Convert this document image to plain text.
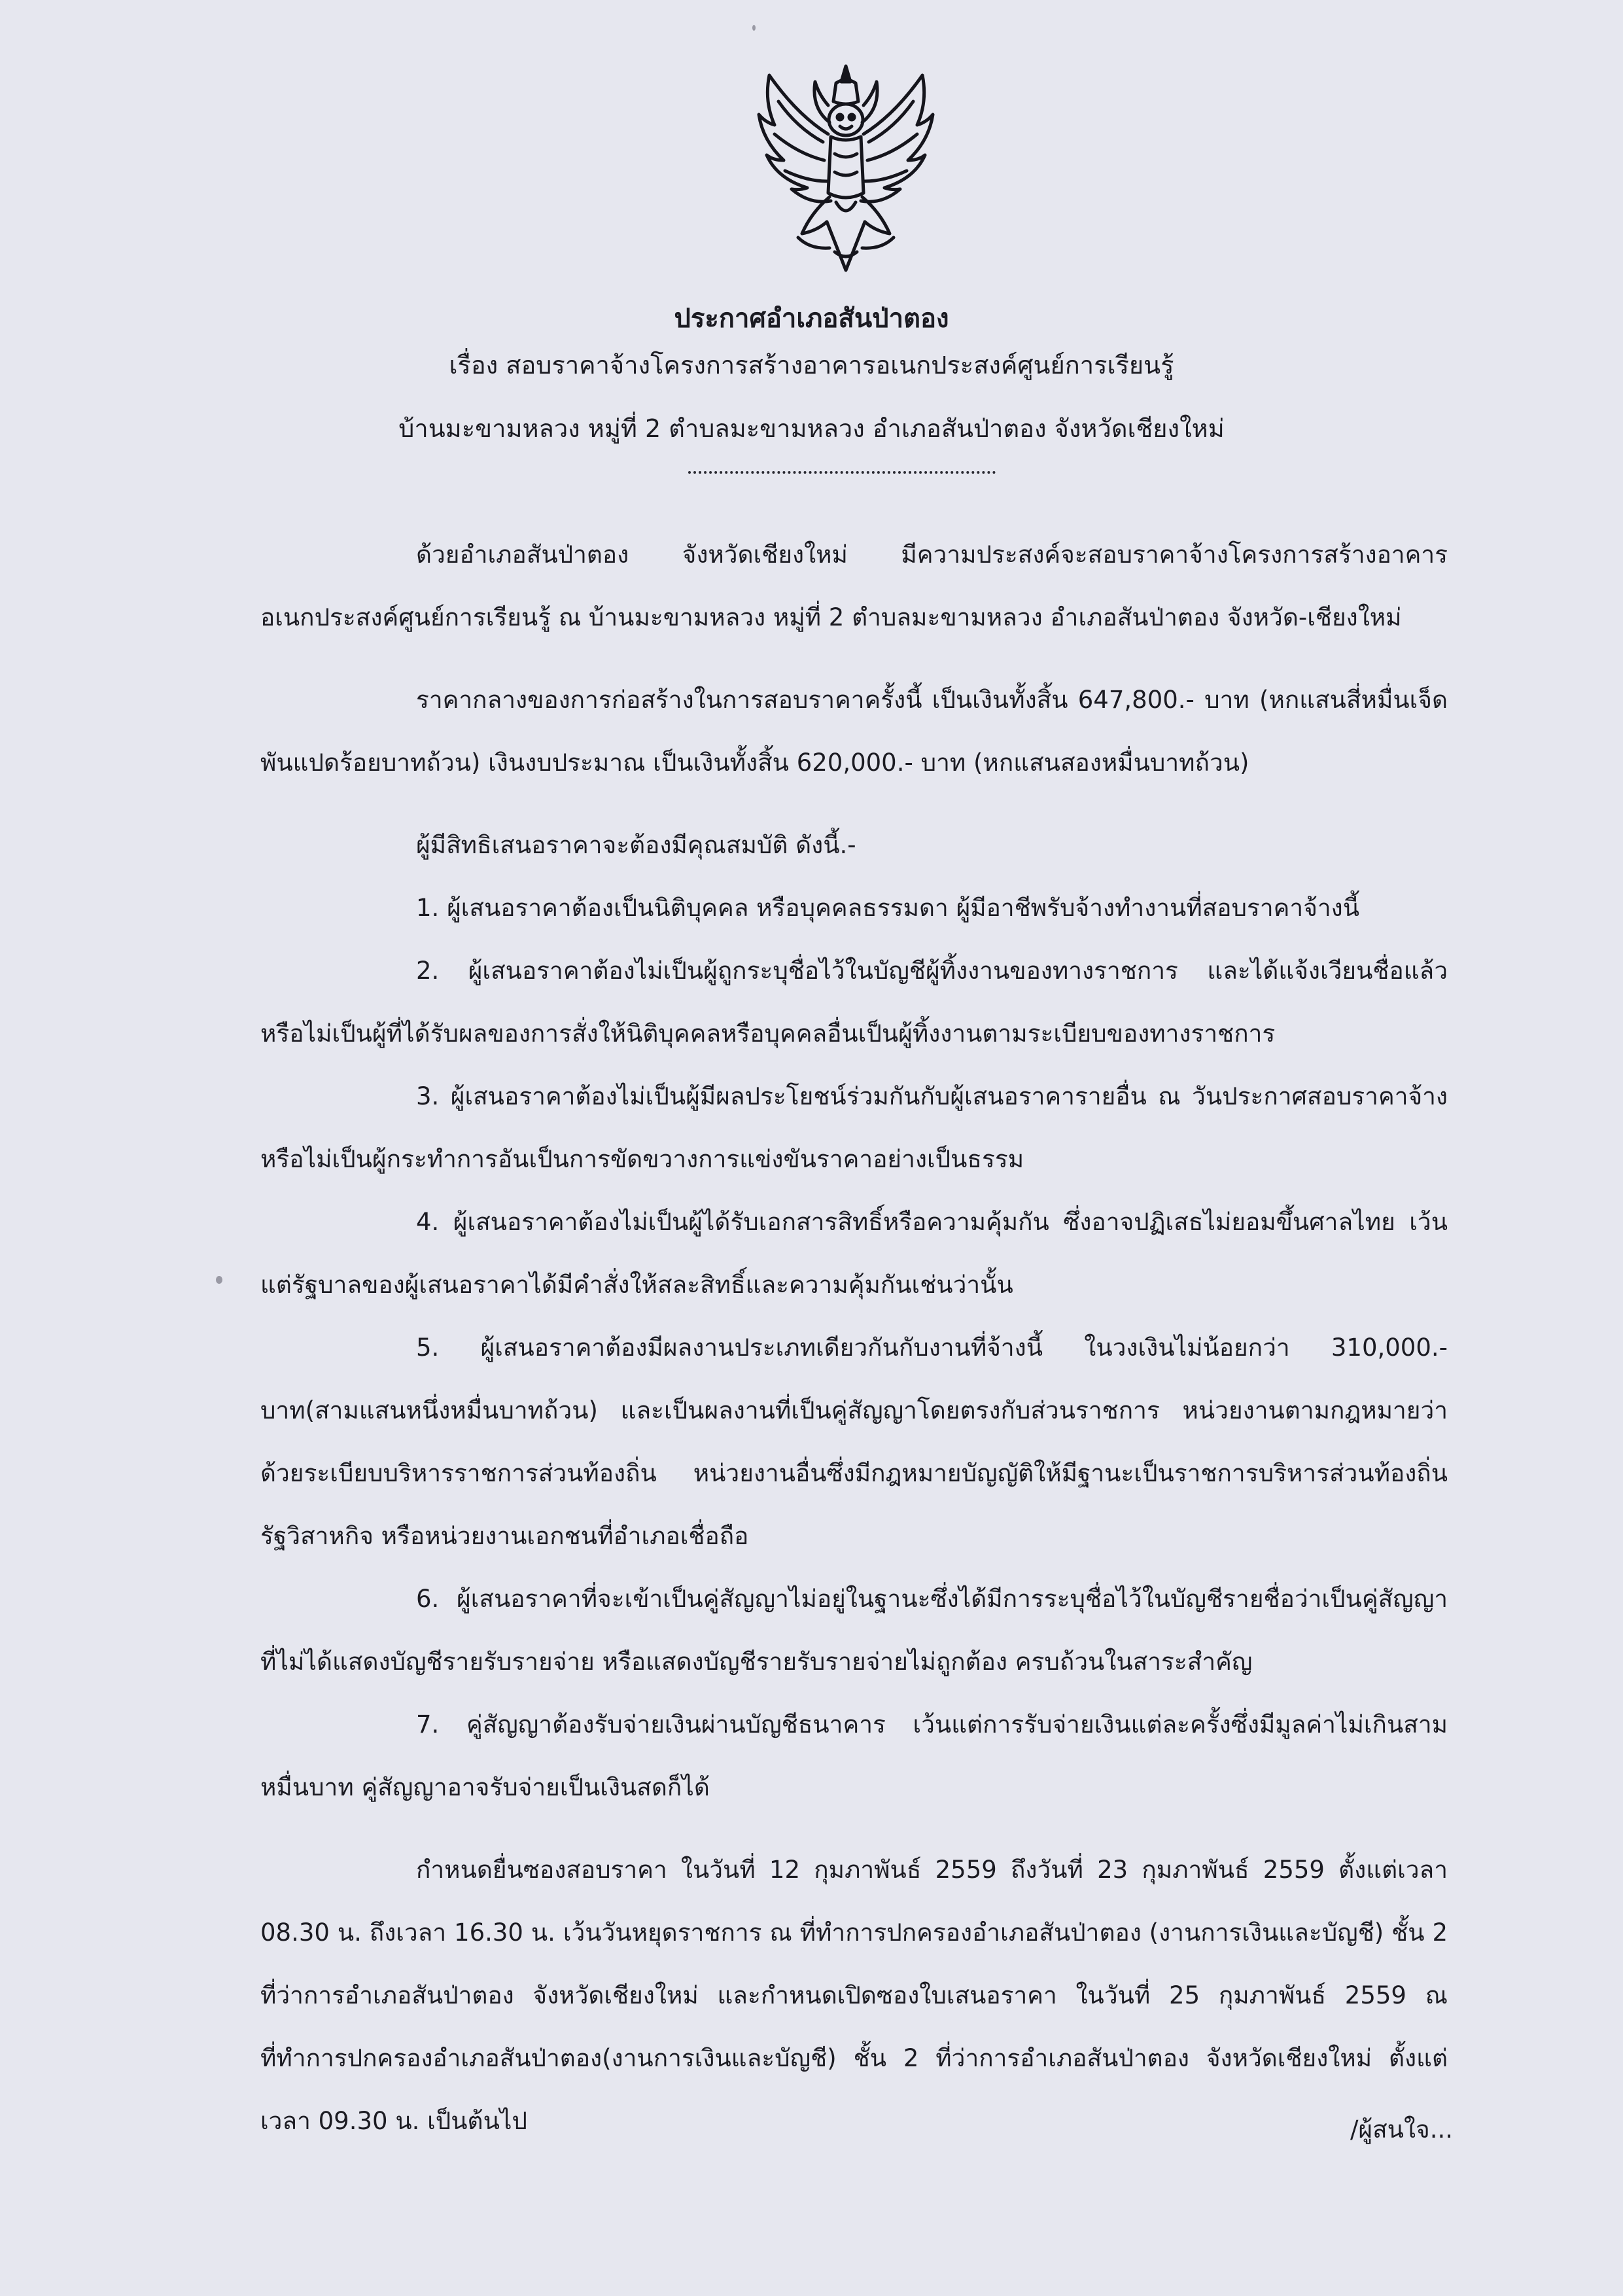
ประกาศอำเภอสันป่าตอง
เรื่อง สอบราคาจ้างโครงการสร้างอาคารอเนกประสงค์ศูนย์การเรียนรู้
บ้านมะขามหลวง หมู่ที่ 2 ตำบลมะขามหลวง อำเภอสันป่าตอง จังหวัดเชียงใหม่

ด้วยอำเภอสันป่าตอง จังหวัดเชียงใหม่ มีความประสงค์จะสอบราคาจ้างโครงการสร้างอาคารอเนกประสงค์ศูนย์การเรียนรู้ ณ บ้านมะขามหลวง หมู่ที่ 2 ตำบลมะขามหลวง อำเภอสันป่าตอง จังหวัด-เชียงใหม่

ราคากลางของการก่อสร้างในการสอบราคาครั้งนี้ เป็นเงินทั้งสิ้น 647,800.- บาท (หกแสนสี่หมื่นเจ็ดพันแปดร้อยบาทถ้วน) เงินงบประมาณ เป็นเงินทั้งสิ้น 620,000.- บาท (หกแสนสองหมื่นบาทถ้วน)

ผู้มีสิทธิเสนอราคาจะต้องมีคุณสมบัติ ดังนี้.-

1. ผู้เสนอราคาต้องเป็นนิติบุคคล หรือบุคคลธรรมดา ผู้มีอาชีพรับจ้างทำงานที่สอบราคาจ้างนี้

2. ผู้เสนอราคาต้องไม่เป็นผู้ถูกระบุชื่อไว้ในบัญชีผู้ทิ้งงานของทางราชการ และได้แจ้งเวียนชื่อแล้วหรือไม่เป็นผู้ที่ได้รับผลของการสั่งให้นิติบุคคลหรือบุคคลอื่นเป็นผู้ทิ้งงานตามระเบียบของทางราชการ

3. ผู้เสนอราคาต้องไม่เป็นผู้มีผลประโยชน์ร่วมกันกับผู้เสนอราคารายอื่น ณ วันประกาศสอบราคาจ้างหรือไม่เป็นผู้กระทำการอันเป็นการขัดขวางการแข่งขันราคาอย่างเป็นธรรม

4. ผู้เสนอราคาต้องไม่เป็นผู้ได้รับเอกสารสิทธิ์หรือความคุ้มกัน ซึ่งอาจปฏิเสธไม่ยอมขึ้นศาลไทย เว้นแต่รัฐบาลของผู้เสนอราคาได้มีคำสั่งให้สละสิทธิ์และความคุ้มกันเช่นว่านั้น

5. ผู้เสนอราคาต้องมีผลงานประเภทเดียวกันกับงานที่จ้างนี้ ในวงเงินไม่น้อยกว่า 310,000.- บาท(สามแสนหนึ่งหมื่นบาทถ้วน) และเป็นผลงานที่เป็นคู่สัญญาโดยตรงกับส่วนราชการ หน่วยงานตามกฎหมายว่าด้วยระเบียบบริหารราชการส่วนท้องถิ่น หน่วยงานอื่นซึ่งมีกฎหมายบัญญัติให้มีฐานะเป็นราชการบริหารส่วนท้องถิ่น รัฐวิสาหกิจ หรือหน่วยงานเอกชนที่อำเภอเชื่อถือ

6. ผู้เสนอราคาที่จะเข้าเป็นคู่สัญญาไม่อยู่ในฐานะซึ่งได้มีการระบุชื่อไว้ในบัญชีรายชื่อว่าเป็นคู่สัญญาที่ไม่ได้แสดงบัญชีรายรับรายจ่าย หรือแสดงบัญชีรายรับรายจ่ายไม่ถูกต้อง ครบถ้วนในสาระสำคัญ

7. คู่สัญญาต้องรับจ่ายเงินผ่านบัญชีธนาคาร เว้นแต่การรับจ่ายเงินแต่ละครั้งซึ่งมีมูลค่าไม่เกินสามหมื่นบาท คู่สัญญาอาจรับจ่ายเป็นเงินสดก็ได้

กำหนดยื่นซองสอบราคา ในวันที่ 12 กุมภาพันธ์ 2559 ถึงวันที่ 23 กุมภาพันธ์ 2559 ตั้งแต่เวลา 08.30 น. ถึงเวลา 16.30 น. เว้นวันหยุดราชการ ณ ที่ทำการปกครองอำเภอสันป่าตอง (งานการเงินและบัญชี) ชั้น 2 ที่ว่าการอำเภอสันป่าตอง จังหวัดเชียงใหม่ และกำหนดเปิดซองใบเสนอราคา ในวันที่ 25 กุมภาพันธ์ 2559 ณ ที่ทำการปกครองอำเภอสันป่าตอง(งานการเงินและบัญชี) ชั้น 2 ที่ว่าการอำเภอสันป่าตอง จังหวัดเชียงใหม่ ตั้งแต่เวลา 09.30 น. เป็นต้นไป	/ผู้สนใจ...
